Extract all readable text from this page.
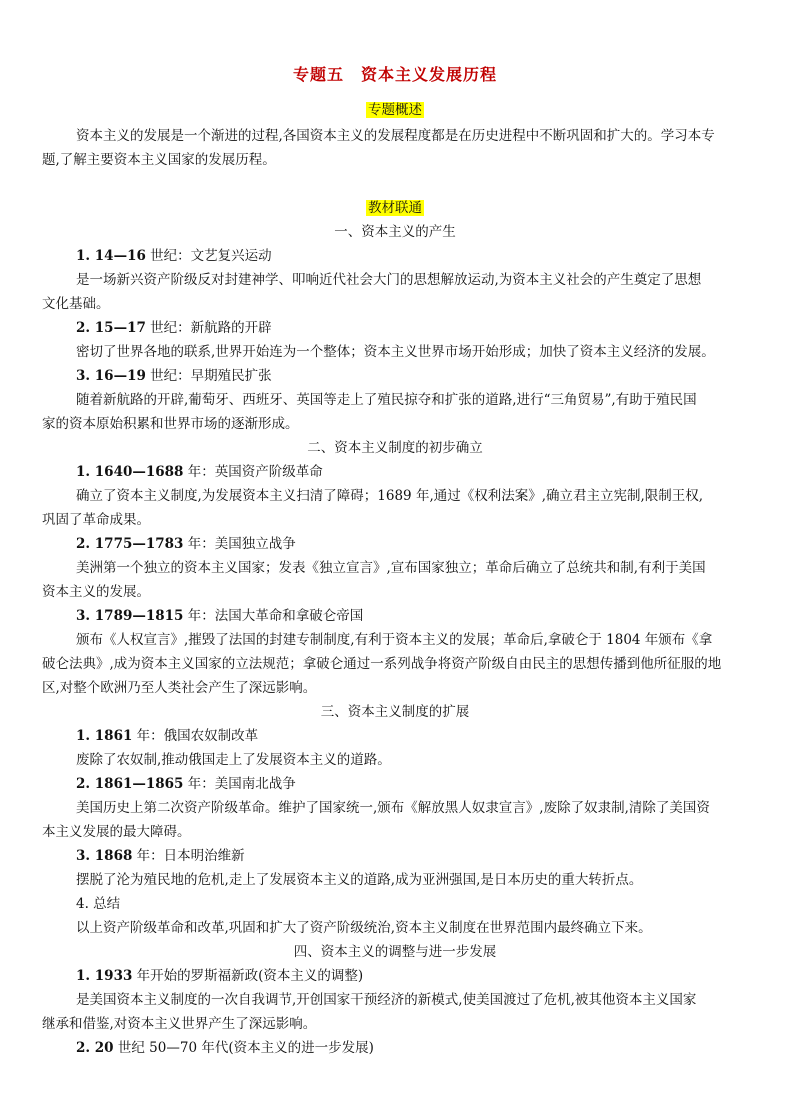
专题五　资本主义发展历程
专题概述
资本主义的发展是一个渐进的过程,各国资本主义的发展程度都是在历史进程中不断巩固和扩大的。学习本专
题,了解主要资本主义国家的发展历程。
教材联通
一、资本主义的产生
1. 14—16 世纪：文艺复兴运动
是一场新兴资产阶级反对封建神学、叩响近代社会大门的思想解放运动,为资本主义社会的产生奠定了思想
文化基础。
2. 15—17 世纪：新航路的开辟
密切了世界各地的联系,世界开始连为一个整体；资本主义世界市场开始形成；加快了资本主义经济的发展。
3. 16—19 世纪：早期殖民扩张
随着新航路的开辟,葡萄牙、西班牙、英国等走上了殖民掠夺和扩张的道路,进行“三角贸易”,有助于殖民国
家的资本原始积累和世界市场的逐渐形成。
二、资本主义制度的初步确立
1. 1640—1688 年：英国资产阶级革命
确立了资本主义制度,为发展资本主义扫清了障碍；1689 年,通过《权利法案》,确立君主立宪制,限制王权,
巩固了革命成果。
2. 1775—1783 年：美国独立战争
美洲第一个独立的资本主义国家；发表《独立宣言》,宣布国家独立；革命后确立了总统共和制,有利于美国
资本主义的发展。
3. 1789—1815 年：法国大革命和拿破仑帝国
颁布《人权宣言》,摧毁了法国的封建专制制度,有利于资本主义的发展；革命后,拿破仑于 1804 年颁布《拿
破仑法典》,成为资本主义国家的立法规范；拿破仑通过一系列战争将资产阶级自由民主的思想传播到他所征服的地
区,对整个欧洲乃至人类社会产生了深远影响。
三、资本主义制度的扩展
1. 1861 年：俄国农奴制改革
废除了农奴制,推动俄国走上了发展资本主义的道路。
2. 1861—1865 年：美国南北战争
美国历史上第二次资产阶级革命。维护了国家统一,颁布《解放黑人奴隶宣言》,废除了奴隶制,清除了美国资
本主义发展的最大障碍。
3. 1868 年：日本明治维新
摆脱了沦为殖民地的危机,走上了发展资本主义的道路,成为亚洲强国,是日本历史的重大转折点。
4. 总结
以上资产阶级革命和改革,巩固和扩大了资产阶级统治,资本主义制度在世界范围内最终确立下来。
四、资本主义的调整与进一步发展
1. 1933 年开始的罗斯福新政(资本主义的调整)
是美国资本主义制度的一次自我调节,开创国家干预经济的新模式,使美国渡过了危机,被其他资本主义国家
继承和借鉴,对资本主义世界产生了深远影响。
2. 20 世纪 50—70 年代(资本主义的进一步发展)
